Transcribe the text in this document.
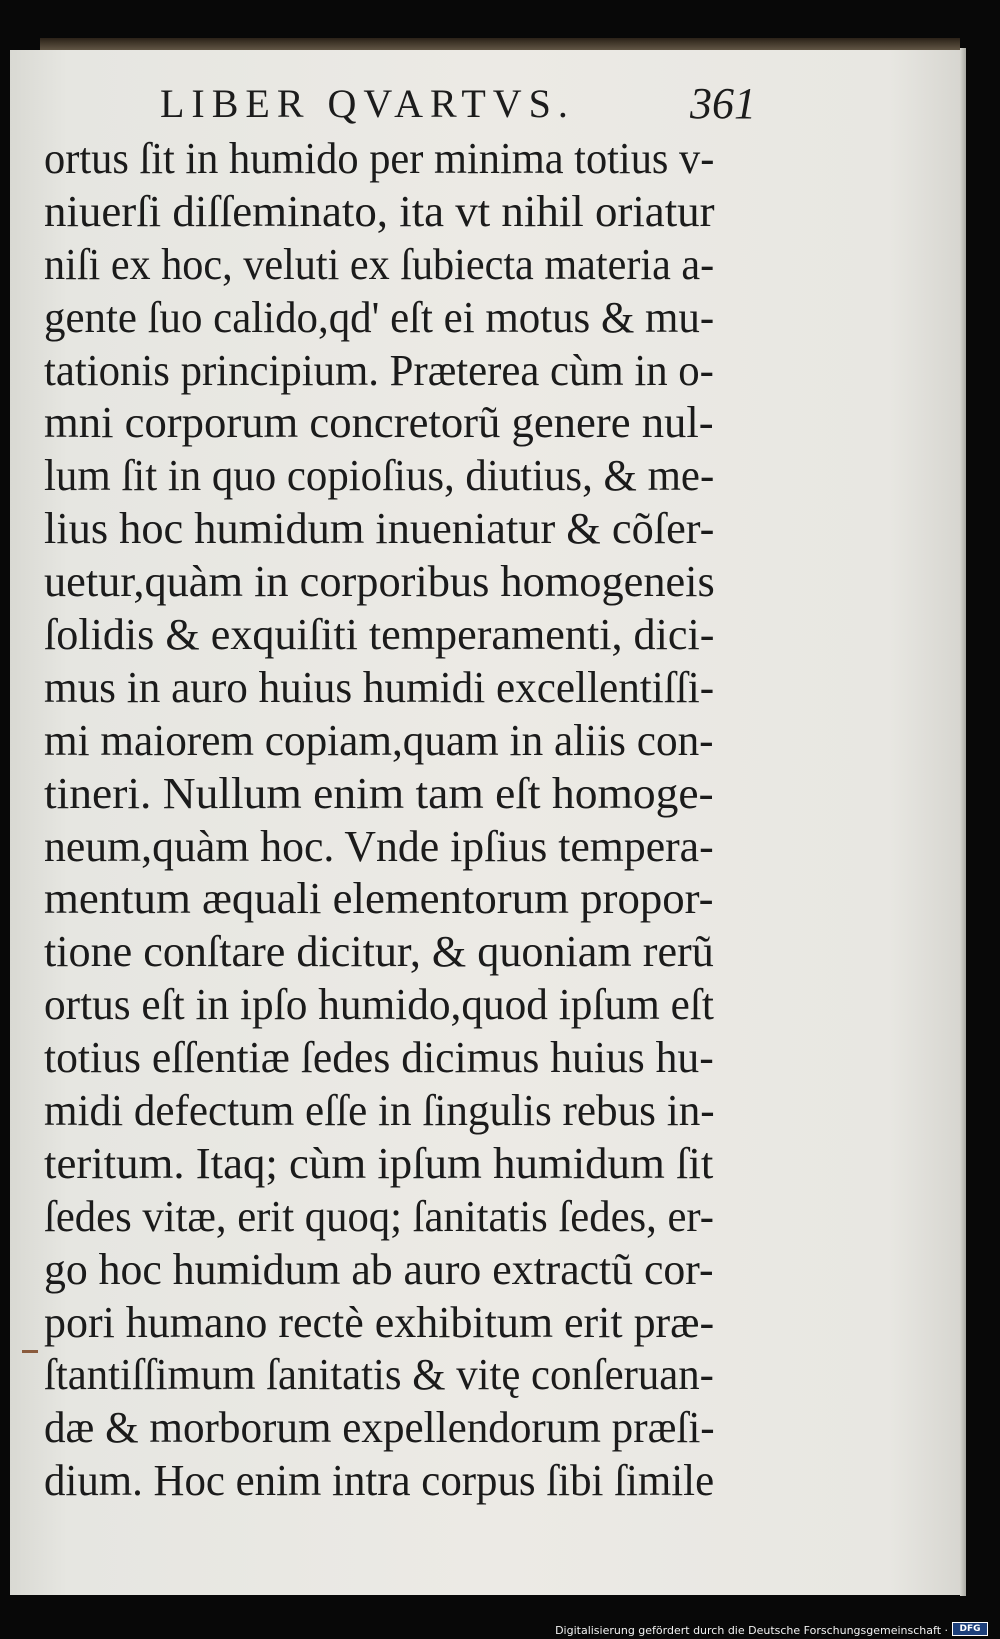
LIBER QVARTVS.	361
ortus ſit in humido per minima totius v-
niuerſi diſſeminato, ita vt nihil oriatur
niſi ex hoc, veluti ex ſubiecta materia a-
gente ſuo calido,qd' eſt ei motus & mu-
tationis principium. Prӕterea cùm in o-
mni corporum concretorũ genere nul-
lum ſit in quo copioſius, diutius, & me-
lius hoc humidum inueniatur & cõſer-
uetur,quàm in corporibus homogeneis
ſolidis & exquiſiti temperamenti, dici-
mus in auro huius humidi excellentiſſi-
mi maiorem copiam,quam in aliis con-
tineri. Nullum enim tam eſt homoge-
neum,quàm hoc. Vnde ipſius tempera-
mentum ӕquali elementorum propor-
tione conſtare dicitur, & quoniam rerũ
ortus eſt in ipſo humido,quod ipſum eſt
totius eſſentiӕ ſedes dicimus huius hu-
midi defectum eſſe in ſingulis rebus in-
teritum. Itaq; cùm ipſum humidum ſit
ſedes vitӕ, erit quoq; ſanitatis ſedes, er-
go hoc humidum ab auro extractũ cor-
pori humano rectè exhibitum erit prӕ-
ſtantiſſimum ſanitatis & vitę conſeruan-
dӕ & morborum expellendorum prӕſi-
dium. Hoc enim intra corpus ſibi ſimile
Digitalisierung gefördert durch die Deutsche Forschungsgemeinschaft ·	DFG
